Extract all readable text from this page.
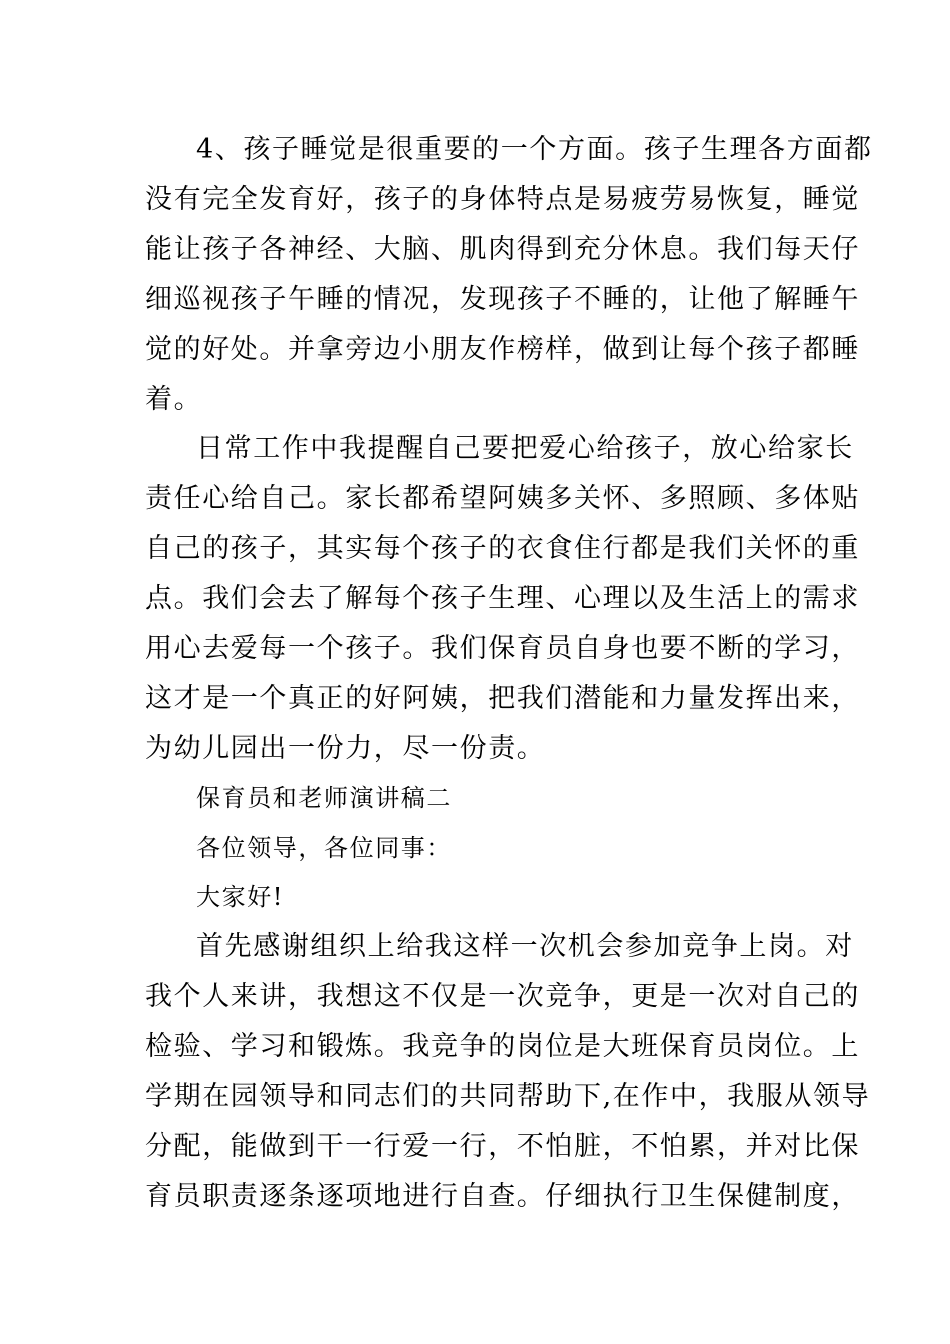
4、孩子睡觉是很重要的一个方面。孩子生理各方面都
没有完全发育好，孩子的身体特点是易疲劳易恢复，睡觉
能让孩子各神经、大脑、肌肉得到充分休息。我们每天仔
细巡视孩子午睡的情况，发现孩子不睡的，让他了解睡午
觉的好处。并拿旁边小朋友作榜样，做到让每个孩子都睡
着。
日常工作中我提醒自己要把爱心给孩子，放心给家长
责任心给自己。家长都希望阿姨多关怀、多照顾、多体贴
自己的孩子，其实每个孩子的衣食住行都是我们关怀的重
点。我们会去了解每个孩子生理、心理以及生活上的需求
用心去爱每一个孩子。我们保育员自身也要不断的学习，
这才是一个真正的好阿姨，把我们潜能和力量发挥出来，
为幼儿园出一份力，尽一份责。
保育员和老师演讲稿二
各位领导，各位同事：
大家好!
首先感谢组织上给我这样一次机会参加竞争上岗。对
我个人来讲，我想这不仅是一次竞争，更是一次对自己的
检验、学习和锻炼。我竞争的岗位是大班保育员岗位。上
学期在园领导和同志们的共同帮助下,在作中，我服从领导
分配，能做到干一行爱一行，不怕脏，不怕累，并对比保
育员职责逐条逐项地进行自查。仔细执行卫生保健制度，
